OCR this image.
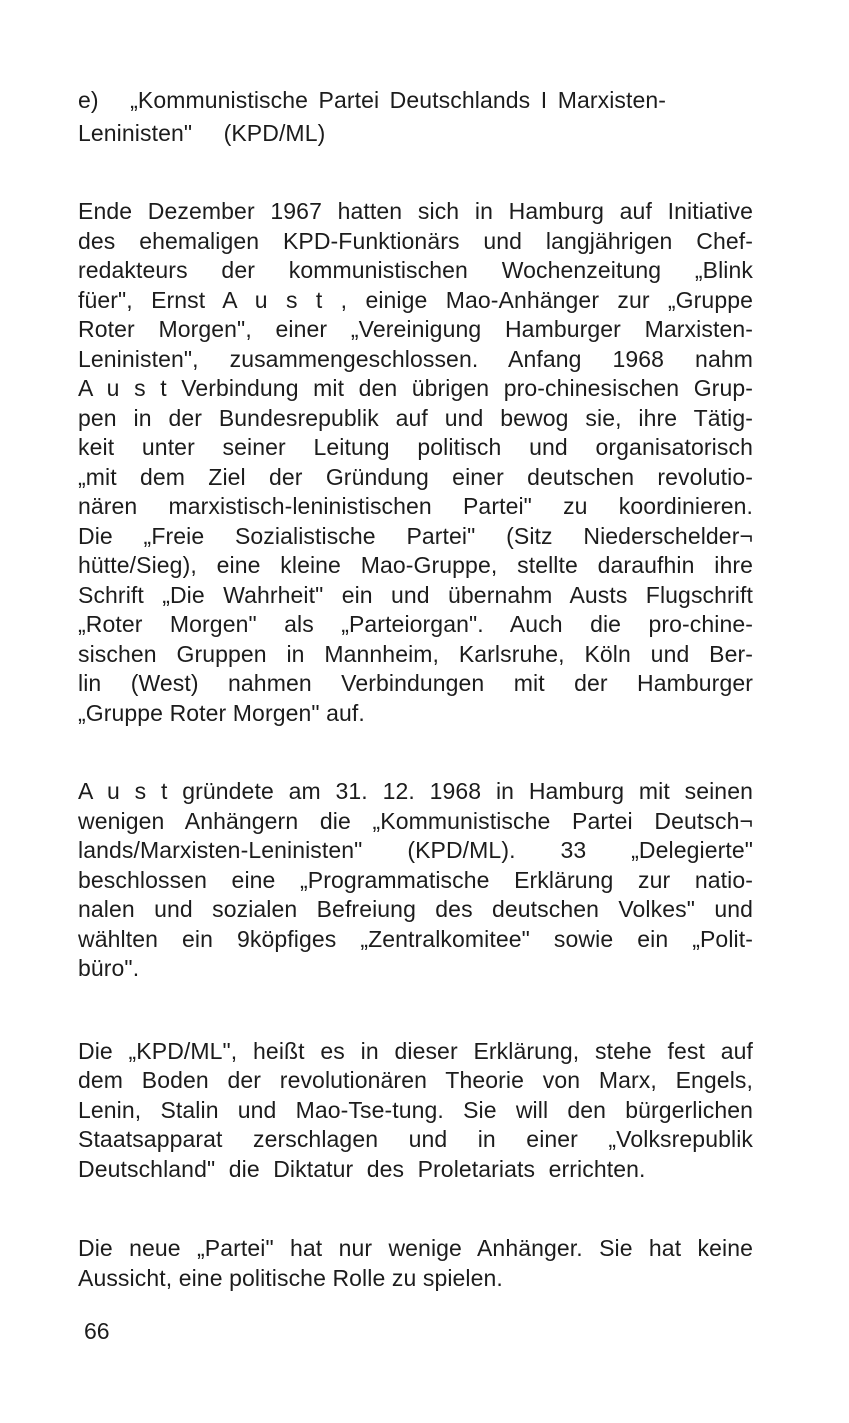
e)   „Kommunistische Partei Deutschlands I Marxisten-
Leninisten"   (KPD/ML)
Ende Dezember 1967 hatten sich in Hamburg auf Initiative
des ehemaligen KPD-Funktionärs und langjährigen Chef-
redakteurs der kommunistischen Wochenzeitung „Blink
füer", Ernst A u s t , einige Mao-Anhänger zur „Gruppe
Roter Morgen", einer „Vereinigung Hamburger Marxisten-
Leninisten", zusammengeschlossen. Anfang 1968 nahm
A u s t Verbindung mit den übrigen pro-chinesischen Grup-
pen in der Bundesrepublik auf und bewog sie, ihre Tätig-
keit unter seiner Leitung politisch und organisatorisch
„mit dem Ziel der Gründung einer deutschen revolutio-
nären marxistisch-leninistischen Partei" zu koordinieren.
Die „Freie Sozialistische Partei" (Sitz Niederschelder¬
hütte/Sieg), eine kleine Mao-Gruppe, stellte daraufhin ihre
Schrift „Die Wahrheit" ein und übernahm Austs Flugschrift
„Roter Morgen" als „Parteiorgan". Auch die pro-chine-
sischen Gruppen in Mannheim, Karlsruhe, Köln und Ber-
lin (West) nahmen Verbindungen mit der Hamburger
„Gruppe Roter Morgen" auf.
A u s t gründete am 31. 12. 1968 in Hamburg mit seinen
wenigen Anhängern die „Kommunistische Partei Deutsch¬
lands/Marxisten-Leninisten" (KPD/ML). 33 „Delegierte"
beschlossen eine „Programmatische Erklärung zur natio-
nalen und sozialen Befreiung des deutschen Volkes" und
wählten ein 9köpfiges „Zentralkomitee" sowie ein „Polit-
büro".
Die „KPD/ML", heißt es in dieser Erklärung, stehe fest auf
dem Boden der revolutionären Theorie von Marx, Engels,
Lenin, Stalin und Mao-Tse-tung. Sie will den bürgerlichen
Staatsapparat zerschlagen und in einer „Volksrepublik
Deutschland" die Diktatur des Proletariats errichten.
Die neue „Partei" hat nur wenige Anhänger. Sie hat keine
Aussicht, eine politische Rolle zu spielen.
66
